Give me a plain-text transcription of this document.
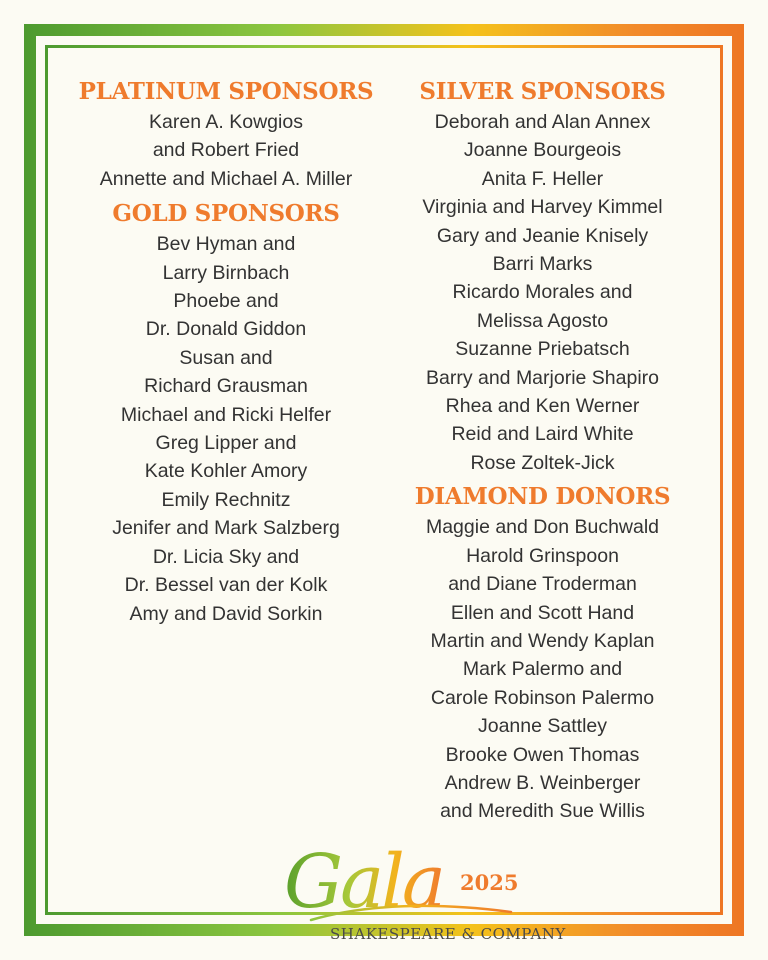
PLATINUM SPONSORS
Karen A. Kowgios
and Robert Fried
Annette and Michael A. Miller
GOLD SPONSORS
Bev Hyman and
Larry Birnbach
Phoebe and
Dr. Donald Giddon
Susan and
Richard Grausman
Michael and Ricki Helfer
Greg Lipper and
Kate Kohler Amory
Emily Rechnitz
Jenifer and Mark Salzberg
Dr. Licia Sky and
Dr. Bessel van der Kolk
Amy and David Sorkin
SILVER SPONSORS
Deborah and Alan Annex
Joanne Bourgeois
Anita F. Heller
Virginia and Harvey Kimmel
Gary and Jeanie Knisely
Barri Marks
Ricardo Morales and
Melissa Agosto
Suzanne Priebatsch
Barry and Marjorie Shapiro
Rhea and Ken Werner
Reid and Laird White
Rose Zoltek-Jick
DIAMOND DONORS
Maggie and Don Buchwald
Harold Grinspoon
and Diane Troderman
Ellen and Scott Hand
Martin and Wendy Kaplan
Mark Palermo and
Carole Robinson Palermo
Joanne Sattley
Brooke Owen Thomas
Andrew B. Weinberger
and Meredith Sue Willis
Gala 2025
SHAKESPEARE & COMPANY
